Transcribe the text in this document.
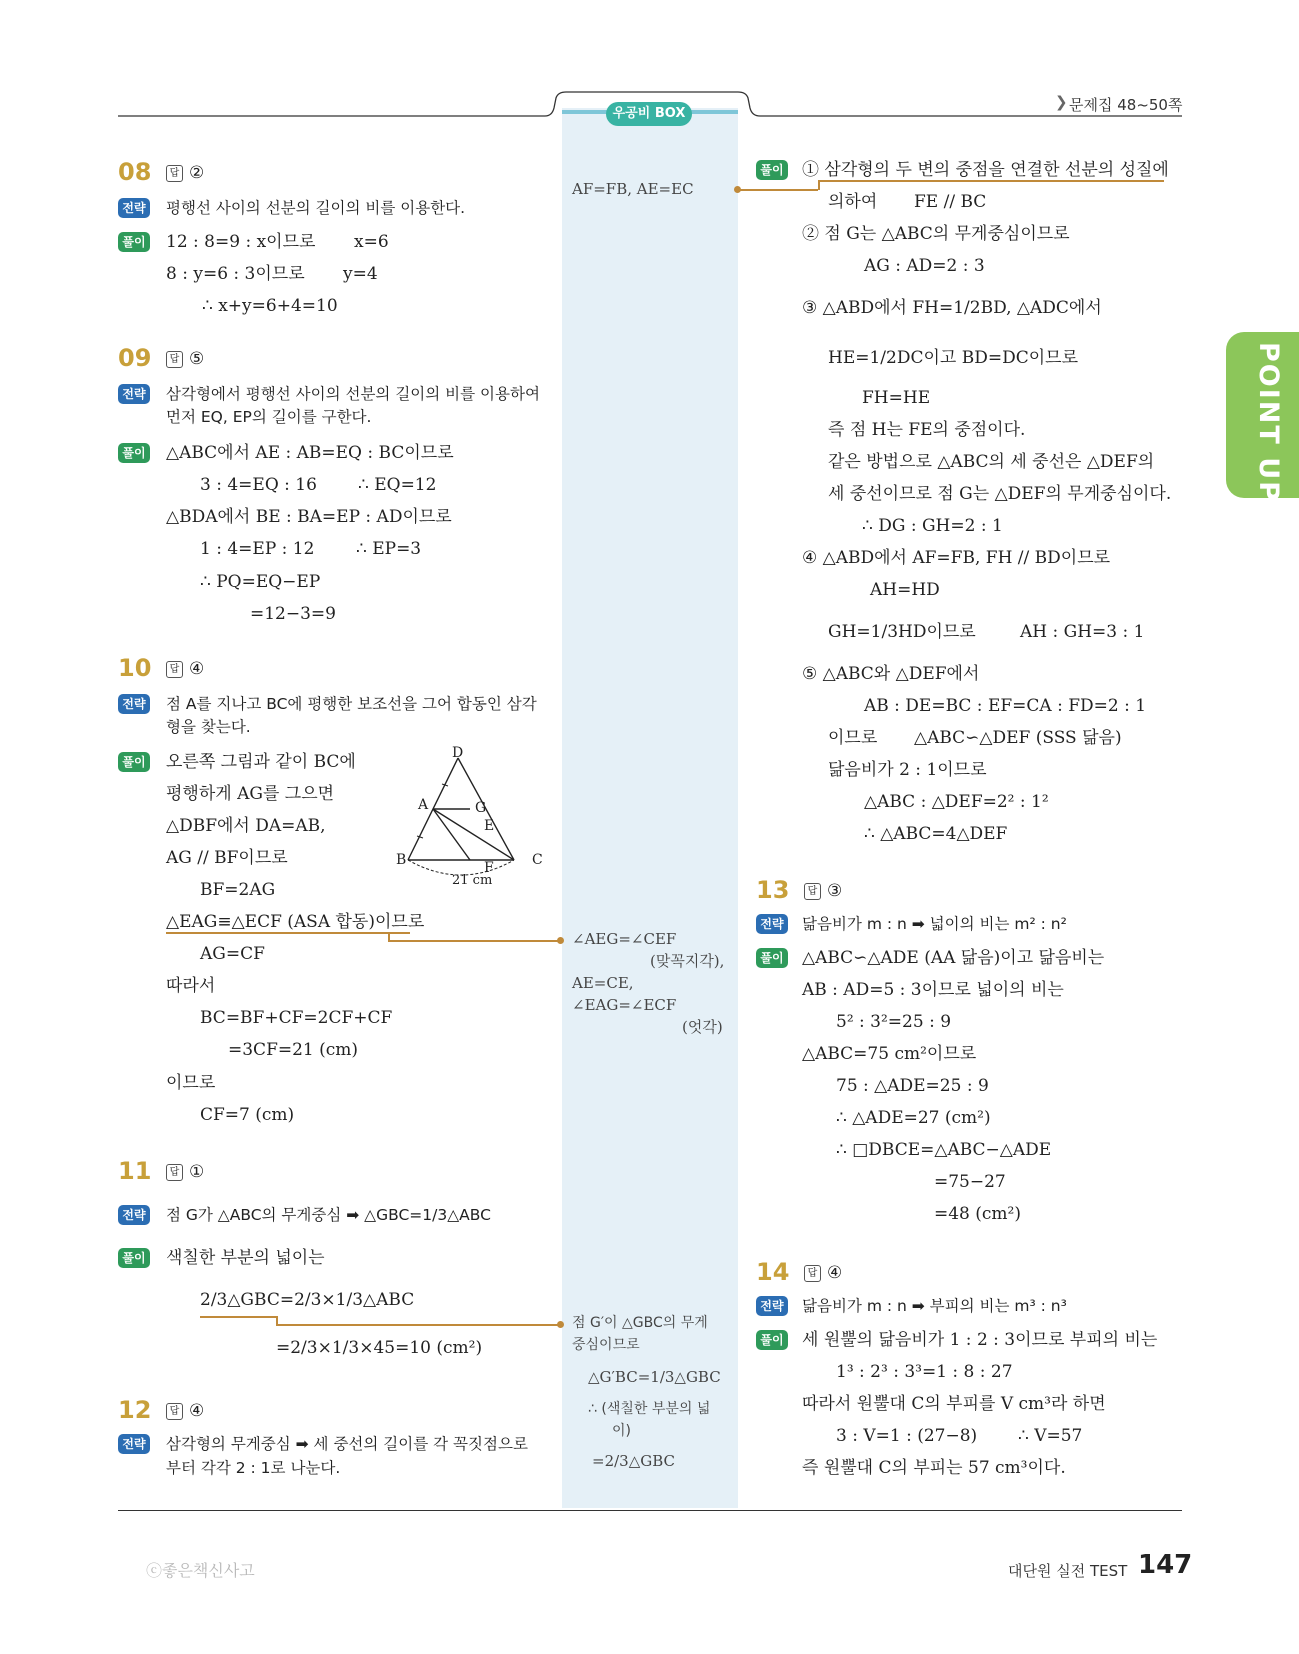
우공비 BOX
❯ 문제집 48~50쪽
POINT UP
08	답 ②
전략 평행선 사이의 선분의 길이의 비를 이용한다.
풀이 12 : 8=9 : x이므로 x=6
8 : y=6 : 3이므로 y=4
∴ x+y=6+4=10
09	답 ⑤
전략 삼각형에서 평행선 사이의 선분의 길이의 비를 이용하여
먼저 EQ, EP의 길이를 구한다.
풀이 △ABC에서 AE : AB=EQ : BC이므로
3 : 4=EQ : 16 ∴ EQ=12
△BDA에서 BE : BA=EP : AD이므로
1 : 4=EP : 12 ∴ EP=3
∴ PQ=EQ−EP
=12−3=9
10	답 ④
전략 점 A를 지나고 BC에 평행한 보조선을 그어 합동인 삼각
형을 찾는다.
풀이 오른쪽 그림과 같이 BC에
평행하게 AG를 그으면
△DBF에서 DA=AB,
AG // BF이므로
BF=2AG
△EAG≡△ECF (ASA 합동)이므로
AG=CF
따라서
BC=BF+CF=2CF+CF
=3CF=21 (cm)
이므로
CF=7 (cm)
D
A	G
E
B	F	C
21 cm
11	답 ①
전략 점 G가 △ABC의 무게중심 ➡ △GBC=1/3△ABC
풀이 색칠한 부분의 넓이는
2/3△GBC=2/3×1/3△ABC
=2/3×1/3×45=10 (cm²)
12	답 ④
전략 삼각형의 무게중심 ➡ 세 중선의 길이를 각 꼭짓점으로
부터 각각 2 : 1로 나눈다.
AF=FB, AE=EC
∠AEG=∠CEF
(맞꼭지각),
AE=CE,
∠EAG=∠ECF
(엇각)
점 G′이 △GBC의 무게
중심이므로
△G′BC=1/3△GBC
∴ (색칠한 부분의 넓
이)
=2/3△GBC
풀이 ① 삼각형의 두 변의 중점을 연결한 선분의 성질에
의하여 FE // BC
② 점 G는 △ABC의 무게중심이므로
AG : AD=2 : 3
③ △ABD에서 FH=1/2BD, △ADC에서
HE=1/2DC이고 BD=DC이므로
FH=HE
즉 점 H는 FE의 중점이다.
같은 방법으로 △ABC의 세 중선은 △DEF의
세 중선이므로 점 G는 △DEF의 무게중심이다.
∴ DG : GH=2 : 1
④ △ABD에서 AF=FB, FH // BD이므로
AH=HD
GH=1/3HD이므로	AH : GH=3 : 1
⑤ △ABC와 △DEF에서
AB : DE=BC : EF=CA : FD=2 : 1
이므로 △ABC∽△DEF (SSS 닮음)
닮음비가 2 : 1이므로
△ABC : △DEF=2² : 1²
∴ △ABC=4△DEF
13	답 ③
전략 닮음비가 m : n ➡ 넓이의 비는 m² : n²
풀이 △ABC∽△ADE (AA 닮음)이고 닮음비는
AB : AD=5 : 3이므로 넓이의 비는
5² : 3²=25 : 9
△ABC=75 cm²이므로
75 : △ADE=25 : 9
∴ △ADE=27 (cm²)
∴ □DBCE=△ABC−△ADE
=75−27
=48 (cm²)
14	답 ④
전략 닮음비가 m : n ➡ 부피의 비는 m³ : n³
풀이 세 원뿔의 닮음비가 1 : 2 : 3이므로 부피의 비는
1³ : 2³ : 3³=1 : 8 : 27
따라서 원뿔대 C의 부피를 V cm³라 하면
3 : V=1 : (27−8) ∴ V=57
즉 원뿔대 C의 부피는 57 cm³이다.
ⓒ좋은책신사고	대단원 실전 TEST 147
